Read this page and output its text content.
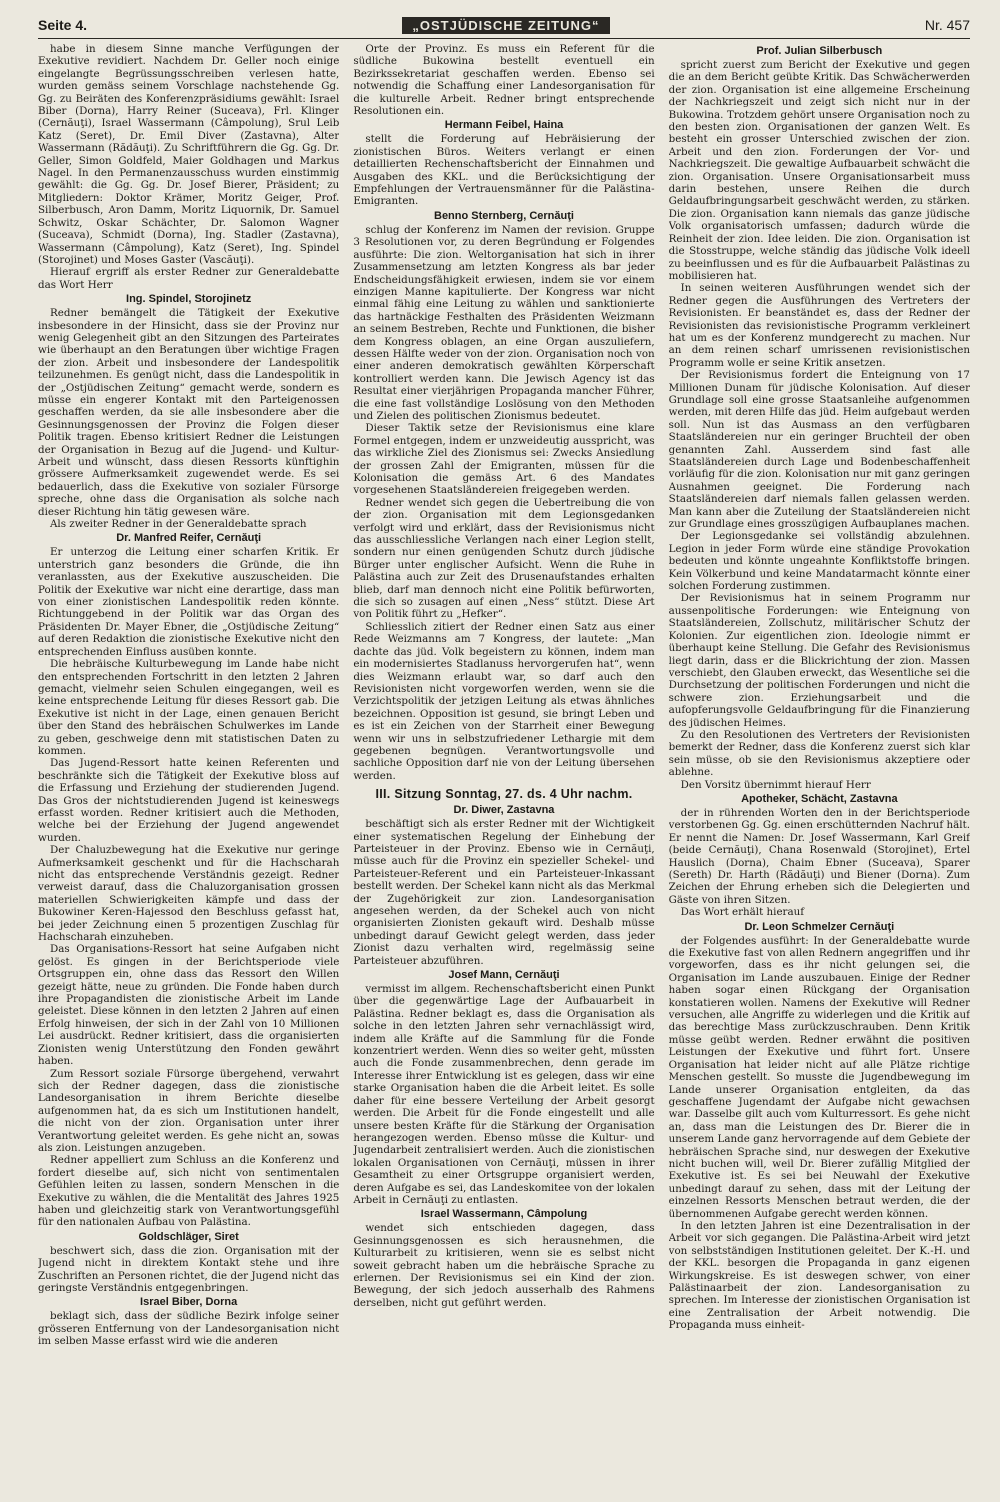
Seite 4.	„OSTJÜDISCHE ZEITUNG“	Nr. 457

habe in diesem Sinne manche Verfügungen der Exekutive revidiert. Nachdem Dr. Geller noch einige eingelangte Begrüssungsschreiben verlesen hatte, wurden gemäss seinem Vorschlage nachstehende Gg. Gg. zu Beiräten des Konferenzpräsidiums gewählt: Israel Biber (Dorna), Harry Reiner (Suceava), Frl. Klinger (Cernăuţi), Israel Wassermann (Câmpolung), Srul Leib Katz (Seret), Dr. Emil Diver (Zastavna), Alter Wassermann (Rădăuţi). Zu Schriftführern die Gg. Gg. Dr. Geller, Simon Goldfeld, Maier Goldhagen und Markus Nagel. In den Permanenzausschuss wurden einstimmig gewählt: die Gg. Gg. Dr. Josef Bierer, Präsident; zu Mitgliedern: Doktor Krämer, Moritz Geiger, Prof. Silberbusch, Aron Damm, Moritz Liquornik, Dr. Samuel Schwitz, Oskar Schächter, Dr. Salomon Wagner (Suceava), Schmidt (Dorna), Ing. Stadler (Zastavna), Wassermann (Câmpolung), Katz (Seret), Ing. Spindel (Storojinet) und Moses Gaster (Vascăuţi).

Hierauf ergriff als erster Redner zur Generaldebatte das Wort Herr

Ing. Spindel, Storojinetz

Redner bemängelt die Tätigkeit der Exekutive insbesondere in der Hinsicht, dass sie der Provinz nur wenig Gelegenheit gibt an den Sitzungen des Parteirates wie überhaupt an den Beratungen über wichtige Fragen der zion. Arbeit und insbesondere der Landespolitik teilzunehmen. Es genügt nicht, dass die Landespolitik in der „Ostjüdischen Zeitung“ gemacht werde, sondern es müsse ein engerer Kontakt mit den Parteigenossen geschaffen werden, da sie alle insbesondere aber die Gesinnungsgenossen der Provinz die Folgen dieser Politik tragen. Ebenso kritisiert Redner die Leistungen der Organisation in Bezug auf die Jugend- und Kultur-Arbeit und wünscht, dass diesen Ressorts künftighin grössere Aufmerksamkeit zugewendet werde. Es sei bedauerlich, dass die Exekutive von sozialer Fürsorge spreche, ohne dass die Organisation als solche nach dieser Richtung hin tätig gewesen wäre.

Als zweiter Redner in der Generaldebatte sprach

Dr. Manfred Reifer, Cernăuţi

Er unterzog die Leitung einer scharfen Kritik. Er unterstrich ganz besonders die Gründe, die ihn veranlassten, aus der Exekutive auszuscheiden. Die Politik der Exekutive war nicht eine derartige, dass man von einer zionistischen Landespolitik reden könnte. Richtunggebend in der Politik war das Organ des Präsidenten Dr. Mayer Ebner, die „Ostjüdische Zeitung“ auf deren Redaktion die zionistische Exekutive nicht den entsprechenden Einfluss ausüben konnte.

Die hebräische Kulturbewegung im Lande habe nicht den entsprechenden Fortschritt in den letzten 2 Jahren gemacht, vielmehr seien Schulen eingegangen, weil es keine entsprechende Leitung für dieses Ressort gab. Die Exekutive ist nicht in der Lage, einen genauen Bericht über den Stand des hebräischen Schulwerkes im Lande zu geben, geschweige denn mit statistischen Daten zu kommen.

Das Jugend-Ressort hatte keinen Referenten und beschränkte sich die Tätigkeit der Exekutive bloss auf die Erfassung und Erziehung der studierenden Jugend. Das Gros der nichtstudierenden Jugend ist keineswegs erfasst worden. Redner kritisiert auch die Methoden, welche bei der Erziehung der Jugend angewendet wurden.

Der Chaluzbewegung hat die Exekutive nur geringe Aufmerksamkeit geschenkt und für die Hachscharah nicht das entsprechende Verständnis gezeigt. Redner verweist darauf, dass die Chaluzorganisation grossen materiellen Schwierigkeiten kämpfe und dass der Bukowiner Keren-Hajessod den Beschluss gefasst hat, bei jeder Zeichnung einen 5 prozentigen Zuschlag für Hachscharah einzuheben.

Das Organisations-Ressort hat seine Aufgaben nicht gelöst. Es gingen in der Berichtsperiode viele Ortsgruppen ein, ohne dass das Ressort den Willen gezeigt hätte, neue zu gründen. Die Fonde haben durch ihre Propagandisten die zionistische Arbeit im Lande geleistet. Diese können in den letzten 2 Jahren auf einen Erfolg hinweisen, der sich in der Zahl von 10 Millionen Lei ausdrückt. Redner kritisiert, dass die organisierten Zionisten wenig Unterstützung den Fonden gewährt haben.

Zum Ressort soziale Fürsorge übergehend, verwahrt sich der Redner dagegen, dass die zionistische Landesorganisation in ihrem Berichte dieselbe aufgenommen hat, da es sich um Institutionen handelt, die nicht von der zion. Organisation unter ihrer Verantwortung geleitet werden. Es gehe nicht an, sowas als zion. Leistungen anzugeben.

Redner appelliert zum Schluss an die Konferenz und fordert dieselbe auf, sich nicht von sentimentalen Gefühlen leiten zu lassen, sondern Menschen in die Exekutive zu wählen, die die Mentalität des Jahres 1925 haben und gleichzeitig stark von Verantwortungsgefühl für den nationalen Aufbau von Palästina.

Goldschläger, Siret

beschwert sich, dass die zion. Organisation mit der Jugend nicht in direktem Kontakt stehe und ihre Zuschriften an Personen richtet, die der Jugend nicht das geringste Verständnis entgegenbringen.

Israel Biber, Dorna

beklagt sich, dass der südliche Bezirk infolge seiner grösseren Entfernung von der Landesorganisation nicht im selben Masse erfasst wird wie die anderen

Orte der Provinz. Es muss ein Referent für die südliche Bukowina bestellt eventuell ein Bezirkssekretariat geschaffen werden. Ebenso sei notwendig die Schaffung einer Landesorganisation für die kulturelle Arbeit. Redner bringt entsprechende Resolutionen ein.

Hermann Feibel, Haina

stellt die Forderung auf Hebräisierung der zionistischen Büros. Weiters verlangt er einen detaillierten Rechenschaftsbericht der Einnahmen und Ausgaben des KKL. und die Berücksichtigung der Empfehlungen der Vertrauensmänner für die Palästina-Emigranten.

Benno Sternberg, Cernăuţi

schlug der Konferenz im Namen der revision. Gruppe 3 Resolutionen vor, zu deren Begründung er Folgendes ausführte: Die zion. Weltorganisation hat sich in ihrer Zusammensetzung am letzten Kongress als bar jeder Endscheidungsfähigkeit erwiesen, indem sie vor einem einzigen Manne kapitulierte. Der Kongress war nicht einmal fähig eine Leitung zu wählen und sanktionierte das hartnäckige Festhalten des Präsidenten Weizmann an seinem Bestreben, Rechte und Funktionen, die bisher dem Kongress oblagen, an eine Organ auszuliefern, dessen Hälfte weder von der zion. Organisation noch von einer anderen demokratisch gewählten Körperschaft kontrolliert werden kann. Die Jewisch Agency ist das Resultat einer vierjährigen Propaganda mancher Führer, die eine fast vollständige Loslösung von den Methoden und Zielen des politischen Zionismus bedeutet.

Dieser Taktik setze der Revisionismus eine klare Formel entgegen, indem er unzweideutig ausspricht, was das wirkliche Ziel des Zionismus sei: Zwecks Ansiedlung der grossen Zahl der Emigranten, müssen für die Kolonisation die gemäss Art. 6 des Mandates vorgesehenen Staatsländereien freigegeben werden.

Redner wendet sich gegen die Uebertreibung die von der zion. Organisation mit dem Legionsgedanken verfolgt wird und erklärt, dass der Revisionismus nicht das ausschliessliche Verlangen nach einer Legion stellt, sondern nur einen genügenden Schutz durch jüdische Bürger unter englischer Aufsicht. Wenn die Ruhe in Palästina auch zur Zeit des Drusenaufstandes erhalten blieb, darf man dennoch nicht eine Politik befürworten, die sich so zusagen auf einen „Ness“ stützt. Diese Art von Politik führt zu „Hefker“.

Schliesslich zitiert der Redner einen Satz aus einer Rede Weizmanns am 7 Kongress, der lautete: „Man dachte das jüd. Volk begeistern zu können, indem man ein modernisiertes Stadlanuss hervorgerufen hat“, wenn dies Weizmann erlaubt war, so darf auch den Revisionisten nicht vorgeworfen werden, wenn sie die Verzichtspolitik der jetzigen Leitung als etwas ähnliches bezeichnen. Opposition ist gesund, sie bringt Leben und es ist ein Zeichen von der Starrheit einer Bewegung wenn wir uns in selbstzufriedener Lethargie mit dem gegebenen begnügen. Verantwortungsvolle und sachliche Opposition darf nie von der Leitung übersehen werden.

III. Sitzung Sonntag, 27. ds. 4 Uhr nachm.
Dr. Diwer, Zastavna

beschäftigt sich als erster Redner mit der Wichtigkeit einer systematischen Regelung der Einhebung der Parteisteuer in der Provinz. Ebenso wie in Cernăuţi, müsse auch für die Provinz ein spezieller Schekel- und Parteisteuer-Referent und ein Parteisteuer-Inkassant bestellt werden. Der Schekel kann nicht als das Merkmal der Zugehörigkeit zur zion. Landesorganisation angesehen werden, da der Schekel auch von nicht organisierten Zionisten gekauft wird. Deshalb müsse unbedingt darauf Gewicht gelegt werden, dass jeder Zionist dazu verhalten wird, regelmässig seine Parteisteuer abzuführen.

Josef Mann, Cernăuţi

vermisst im allgem. Rechenschaftsbericht einen Punkt über die gegenwärtige Lage der Aufbauarbeit in Palästina. Redner beklagt es, dass die Organisation als solche in den letzten Jahren sehr vernachlässigt wird, indem alle Kräfte auf die Sammlung für die Fonde konzentriert werden. Wenn dies so weiter geht, müssten auch die Fonde zusammenbrechen, denn gerade im Interesse ihrer Entwicklung ist es gelegen, dass wir eine starke Organisation haben die die Arbeit leitet. Es solle daher für eine bessere Verteilung der Arbeit gesorgt werden. Die Arbeit für die Fonde eingestellt und alle unsere besten Kräfte für die Stärkung der Organisation herangezogen werden. Ebenso müsse die Kultur- und Jugendarbeit zentralisiert werden. Auch die zionistischen lokalen Organisationen von Cernăuţi, müssen in ihrer Gesamtheit zu einer Ortsgruppe organisiert werden, deren Aufgabe es sei, das Landeskomitee von der lokalen Arbeit in Cernăuţi zu entlasten.

Israel Wassermann, Câmpolung

wendet sich entschieden dagegen, dass Gesinnungsgenossen es sich herausnehmen, die Kulturarbeit zu kritisieren, wenn sie es selbst nicht soweit gebracht haben um die hebräische Sprache zu erlernen. Der Revisionismus sei ein Kind der zion. Bewegung, der sich jedoch ausserhalb des Rahmens derselben, nicht gut geführt werden.

Prof. Julian Silberbusch

spricht zuerst zum Bericht der Exekutive und gegen die an dem Bericht geübte Kritik. Das Schwächerwerden der zion. Organisation ist eine allgemeine Erscheinung der Nachkriegszeit und zeigt sich nicht nur in der Bukowina. Trotzdem gehört unsere Organisation noch zu den besten zion. Organisationen der ganzen Welt. Es besteht ein grosser Unterschied zwischen der zion. Arbeit und den zion. Forderungen der Vor- und Nachkriegszeit. Die gewaltige Aufbauarbeit schwächt die zion. Organisation. Unsere Organisationsarbeit muss darin bestehen, unsere Reihen die durch Geldaufbringungsarbeit geschwächt werden, zu stärken. Die zion. Organisation kann niemals das ganze jüdische Volk organisatorisch umfassen; dadurch würde die Reinheit der zion. Idee leiden. Die zion. Organisation ist die Stosstruppe, welche ständig das jüdische Volk ideell zu beeinflussen und es für die Aufbauarbeit Palästinas zu mobilisieren hat.

In seinen weiteren Ausführungen wendet sich der Redner gegen die Ausführungen des Vertreters der Revisionisten. Er beanständet es, dass der Redner der Revisionisten das revisionistische Programm verkleinert hat um es der Konferenz mundgerecht zu machen. Nur an dem reinen scharf umrissenen revisionistischen Programm wolle er seine Kritik ansetzen.

Der Revisionismus fordert die Enteignung von 17 Millionen Dunam für jüdische Kolonisation. Auf dieser Grundlage soll eine grosse Staatsanleihe aufgenommen werden, mit deren Hilfe das jüd. Heim aufgebaut werden soll. Nun ist das Ausmass an den verfügbaren Staatsländereien nur ein geringer Bruchteil der oben genannten Zahl. Ausserdem sind fast alle Staatsländereien durch Lage und Bodenbeschaffenheit vorläufig für die zion. Kolonisation nur mit ganz geringen Ausnahmen geeignet. Die Forderung nach Staatsländereien darf niemals fallen gelassen werden. Man kann aber die Zuteilung der Staatsländereien nicht zur Grundlage eines grosszügigen Aufbauplanes machen.

Der Legionsgedanke sei vollständig abzulehnen. Legion in jeder Form würde eine ständige Provokation bedeuten und könnte ungeahnte Konfliktstoffe bringen. Kein Völkerbund und keine Mandatarmacht könnte einer solchen Forderung zustimmen.

Der Revisionismus hat in seinem Programm nur aussenpolitische Forderungen: wie Enteignung von Staatsländereien, Zollschutz, militärischer Schutz der Kolonien. Zur eigentlichen zion. Ideologie nimmt er überhaupt keine Stellung. Die Gefahr des Revisionismus liegt darin, dass er die Blickrichtung der zion. Massen verschiebt, den Glauben erweckt, das Wesentliche sei die Durchsetzung der politischen Forderungen und nicht die schwere zion. Erziehungsarbeit und die aufopferungsvolle Geldaufbringung für die Finanzierung des jüdischen Heimes.

Zu den Resolutionen des Vertreters der Revisionisten bemerkt der Redner, dass die Konferenz zuerst sich klar sein müsse, ob sie den Revisionismus akzeptiere oder ablehne.

Den Vorsitz übernimmt hierauf Herr

Apotheker, Schächt, Zastavna

der in rührenden Worten den in der Berichtsperiode verstorbenen Gg. Gg. einen erschütternden Nachruf hält. Er nennt die Namen: Dr. Josef Wassermann, Karl Greif (beide Cernăuţi), Chana Rosenwald (Storojinet), Ertel Hauslich (Dorna), Chaim Ebner (Suceava), Sparer (Sereth) Dr. Harth (Rădăuţi) und Biener (Dorna). Zum Zeichen der Ehrung erheben sich die Delegierten und Gäste von ihren Sitzen.

Das Wort erhält hierauf

Dr. Leon Schmelzer Cernăuţi

der Folgendes ausführt: In der Generaldebatte wurde die Exekutive fast von allen Rednern angegriffen und ihr vorgeworfen, dass es ihr nicht gelungen sei, die Organisation im Lande auszubauen. Einige der Redner haben sogar einen Rückgang der Organisation konstatieren wollen. Namens der Exekutive will Redner versuchen, alle Angriffe zu widerlegen und die Kritik auf das berechtige Mass zurückzuschrauben. Denn Kritik müsse geübt werden. Redner erwähnt die positiven Leistungen der Exekutive und führt fort. Unsere Organisation hat leider nicht auf alle Plätze richtige Menschen gestellt. So musste die Jugendbewegung im Lande unserer Organisation entgleiten, da das geschaffene Jugendamt der Aufgabe nicht gewachsen war. Dasselbe gilt auch vom Kulturressort. Es gehe nicht an, dass man die Leistungen des Dr. Bierer die in unserem Lande ganz hervorragende auf dem Gebiete der hebräischen Sprache sind, nur deswegen der Exekutive nicht buchen will, weil Dr. Bierer zufällig Mitglied der Exekutive ist. Es sei bei Neuwahl der Exekutive unbedingt darauf zu sehen, dass mit der Leitung der einzelnen Ressorts Menschen betraut werden, die der übernommenen Aufgabe gerecht werden können.

In den letzten Jahren ist eine Dezentralisation in der Arbeit vor sich gegangen. Die Palästina-Arbeit wird jetzt von selbstständigen Institutionen geleitet. Der K.-H. und der KKL. besorgen die Propaganda in ganz eigenen Wirkungskreise. Es ist deswegen schwer, von einer Palästinaarbeit der zion. Landesorganisation zu sprechen. Im Interesse der zionistischen Organisation ist eine Zentralisation der Arbeit notwendig. Die Propaganda muss einheit-
